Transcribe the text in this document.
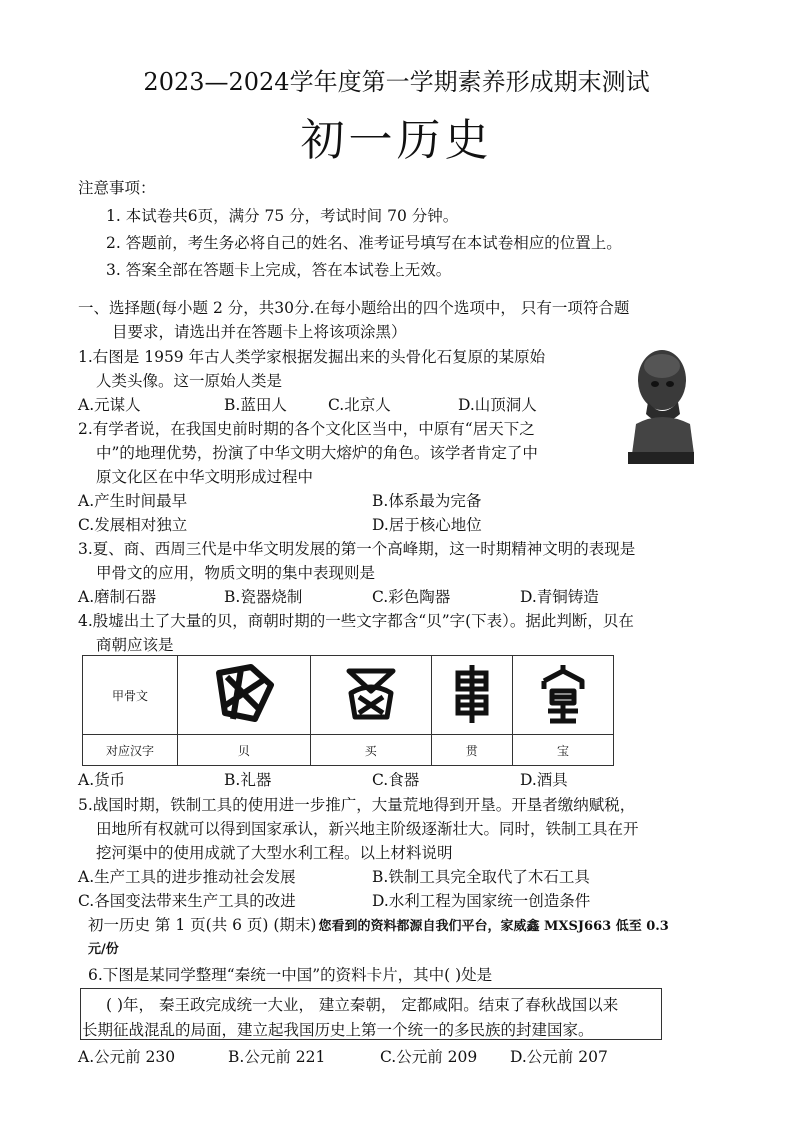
2023—2024学年度第一学期素养形成期末测试
初一历史
注意事项：
1. 本试卷共6页，满分 75 分，考试时间 70 分钟。
2. 答题前，考生务必将自己的姓名、准考证号填写在本试卷相应的位置上。
3. 答案全部在答题卡上完成，答在本试卷上无效。
一、选择题(每小题 2 分，共30分.在每小题给出的四个选项中， 只有一项符合题
目要求，请选出并在答题卡上将该项涂黑）
1.右图是 1959 年古人类学家根据发掘出来的头骨化石复原的某原始
人类头像。这一原始人类是
A.元谋人	B.蓝田人	C.北京人	D.山顶洞人
2.有学者说，在我国史前时期的各个文化区当中，中原有“居天下之
中”的地理优势，扮演了中华文明大熔炉的角色。该学者肯定了中
原文化区在中华文明形成过程中
A.产生时间最早	B.体系最为完备
C.发展相对独立	D.居于核心地位
3.夏、商、西周三代是中华文明发展的第一个高峰期，这一时期精神文明的表现是
甲骨文的应用，物质文明的集中表现则是
A.磨制石器	B.瓷器烧制	C.彩色陶器	D.青铜铸造
4.殷墟出土了大量的贝，商朝时期的一些文字都含“贝”字(下表）。据此判断，贝在
商朝应该是
甲骨文				
对应汉字	贝	买	贯	宝
A.货币	B.礼器	C.食器	D.酒具
5.战国时期，铁制工具的使用进一步推广，大量荒地得到开垦。开垦者缴纳赋税，
田地所有权就可以得到国家承认，新兴地主阶级逐渐壮大。同时，铁制工具在开
挖河渠中的使用成就了大型水利工程。以上材料说明
A.生产工具的进步推动社会发展	B.铁制工具完全取代了木石工具
C.各国变法带来生产工具的改进	D.水利工程为国家统一创造条件
初一历史 第 1 页(共 6 页) (期末) 您看到的资料都源自我们平台，家威鑫 MXSJ663 低至 0.3
元/份
6.下图是某同学整理“秦统一中国”的资料卡片，其中( )处是
( )年， 秦王政完成统一大业， 建立秦朝， 定都咸阳。结束了春秋战国以来
长期征战混乱的局面，建立起我国历史上第一个统一的多民族的封建国家。
A.公元前 230	B.公元前 221	C.公元前 209 D.公元前 207
